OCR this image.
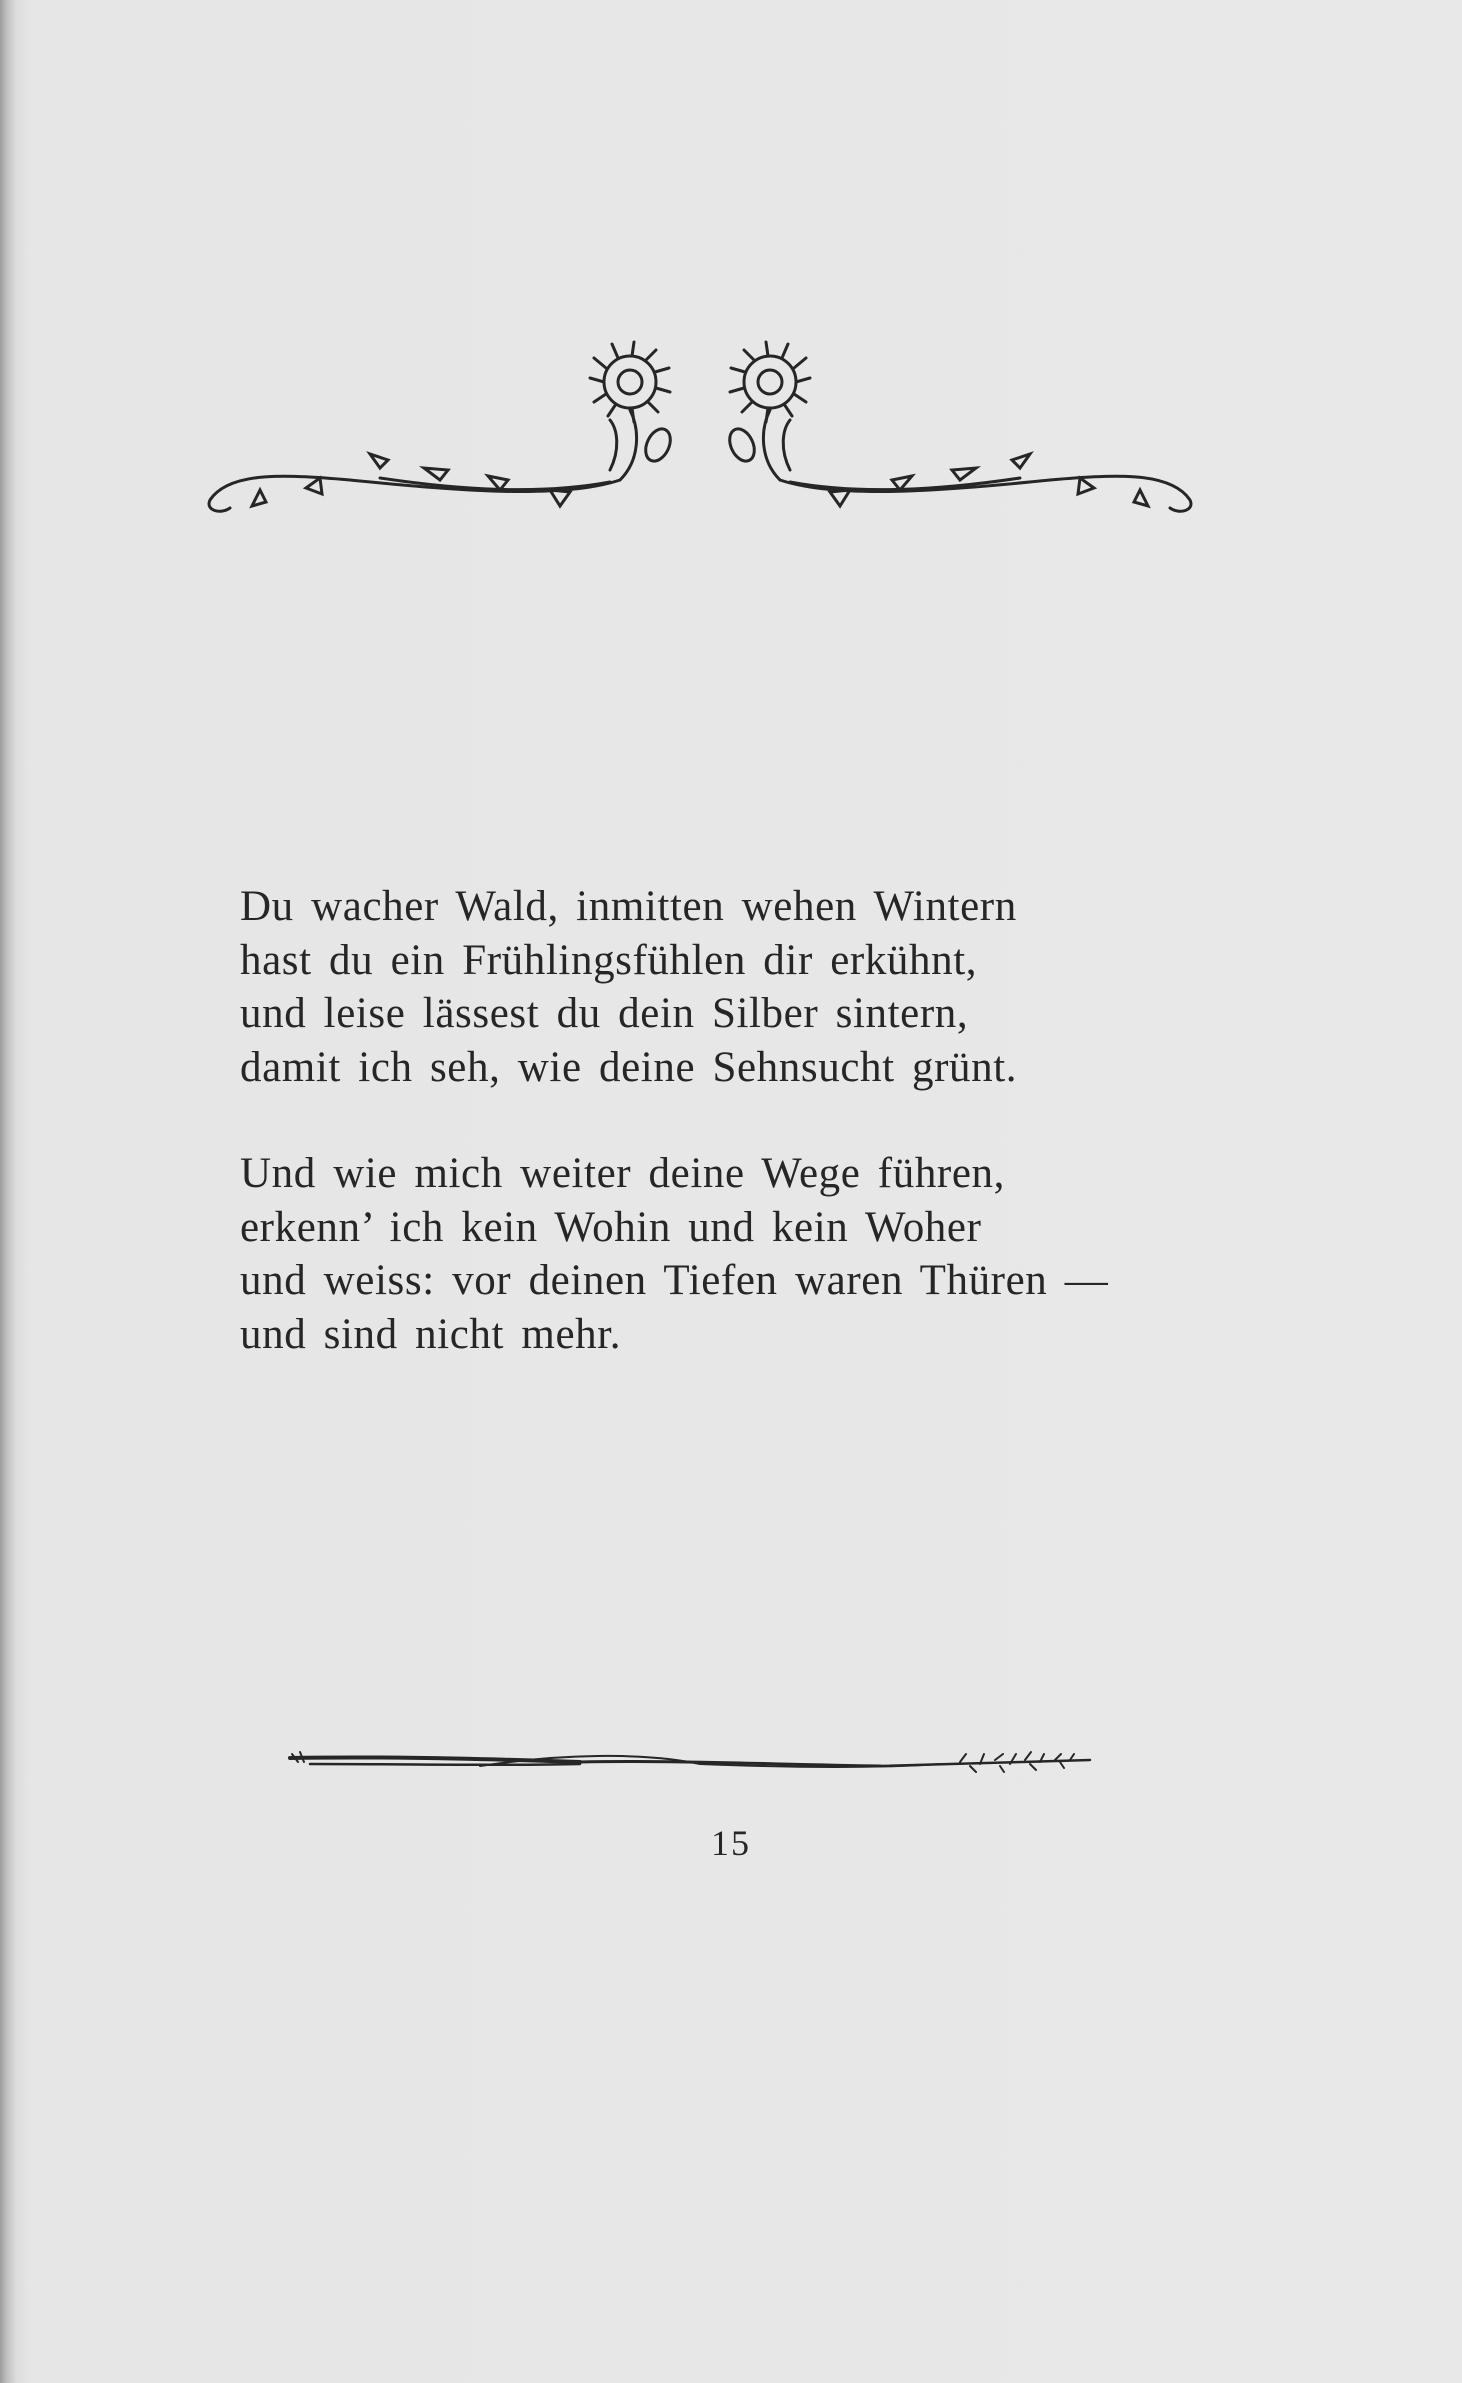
Du wacher Wald, inmitten wehen Wintern
hast du ein Frühlingsfühlen dir erkühnt,
und leise lässest du dein Silber sintern,
damit ich seh, wie deine Sehnsucht grünt.
Und wie mich weiter deine Wege führen,
erkenn’ ich kein Wohin und kein Woher
und weiss: vor deinen Tiefen waren Thüren —
und sind nicht mehr.
15
